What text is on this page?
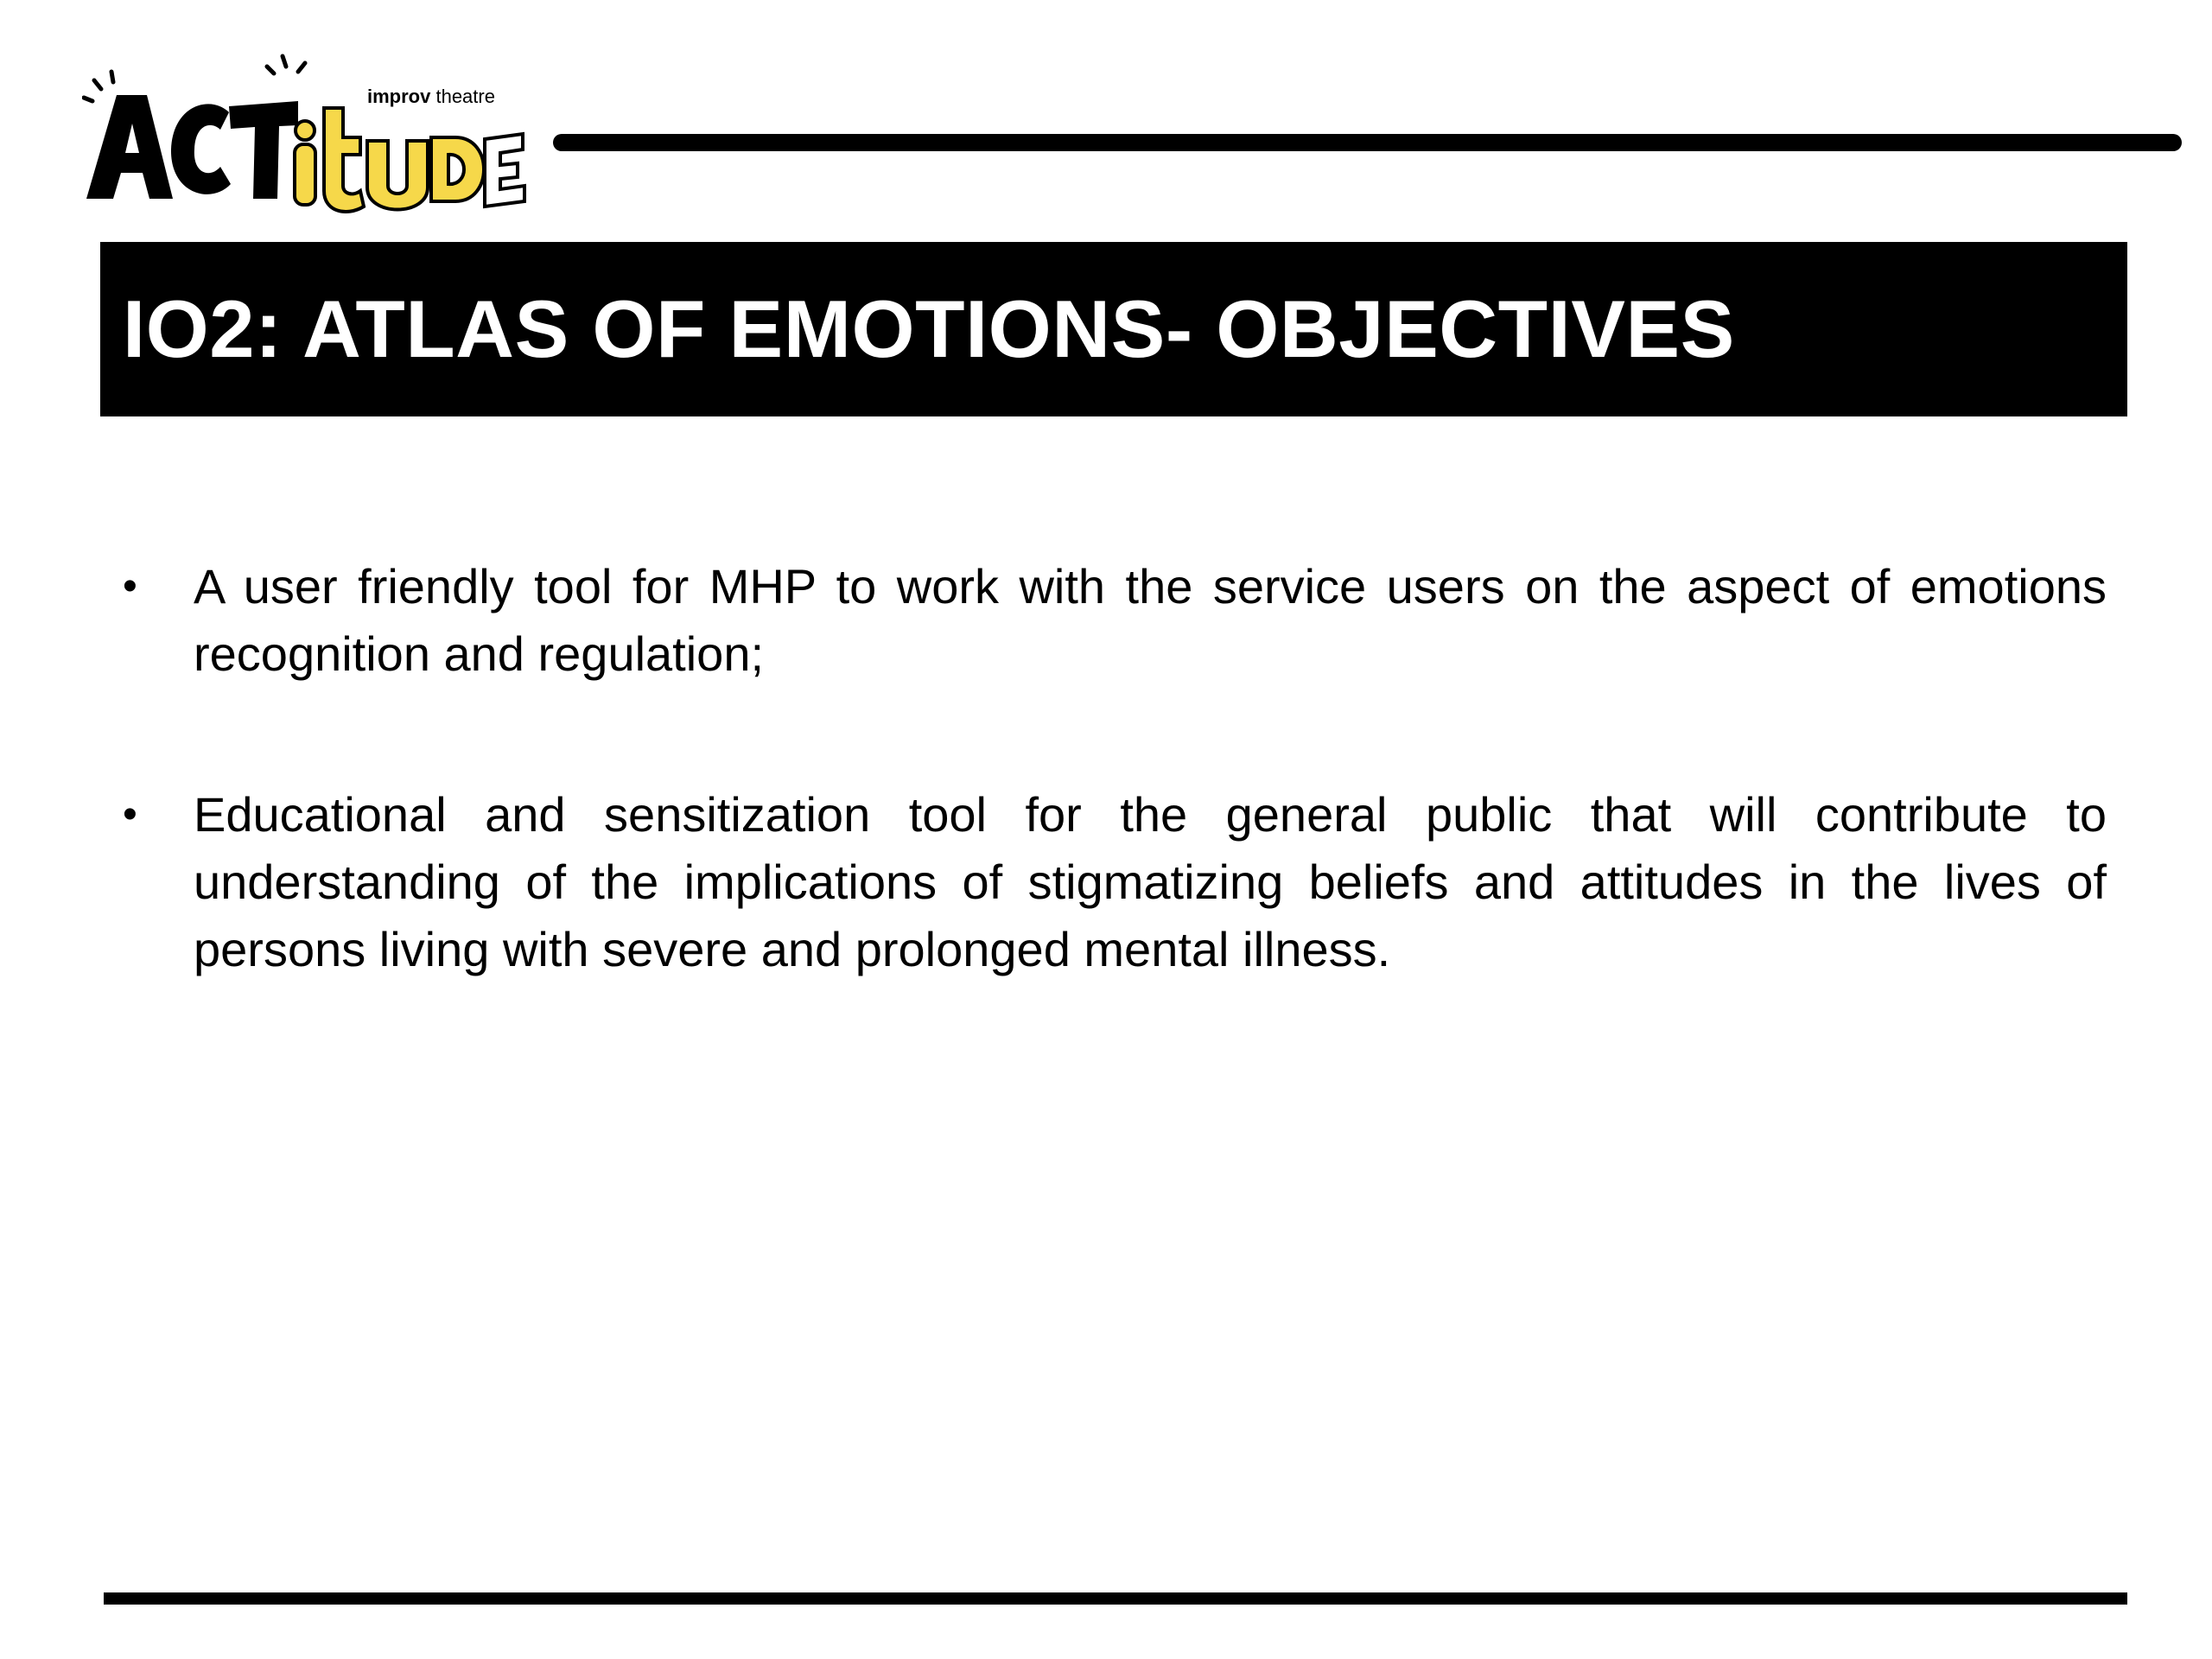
improv theatre
IO2: ATLAS OF EMOTIONS- OBJECTIVES
• A user friendly tool for MHP to work with the service users on the aspect of emotions recognition and regulation;
• Educational and sensitization tool for the general public that will contribute to understanding of the implications of stigmatizing beliefs and attitudes in the lives of persons living with severe and prolonged mental illness.
